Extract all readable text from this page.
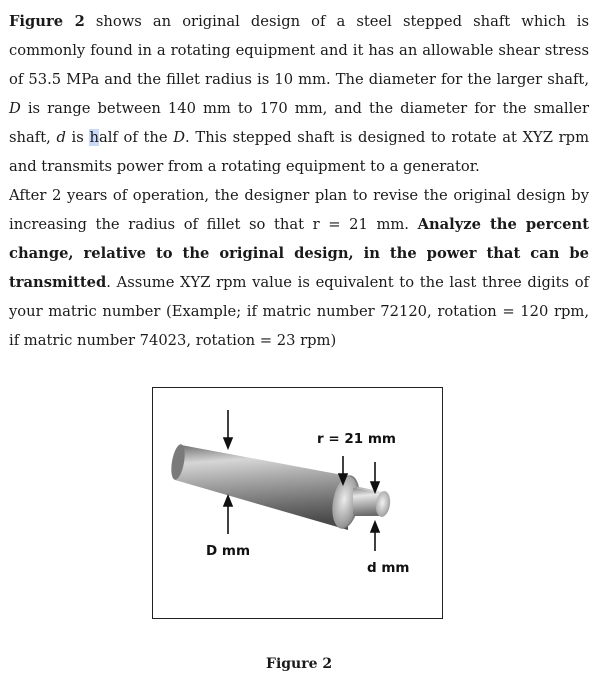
Figure 2 shows an original design of a steel stepped shaft which is commonly found in a rotating equipment and it has an allowable shear stress of 53.5 MPa and the fillet radius is 10 mm. The diameter for the larger shaft, D is range between 140 mm to 170 mm, and the diameter for the smaller shaft, d is half of the D. This stepped shaft is designed to rotate at XYZ rpm and transmits power from a rotating equipment to a generator.
After 2 years of operation, the designer plan to revise the original design by increasing the radius of fillet so that r = 21 mm. Analyze the percent change, relative to the original design, in the power that can be transmitted. Assume XYZ rpm value is equivalent to the last three digits of your matric number (Example; if matric number 72120, rotation = 120 rpm, if matric number 74023, rotation = 23 rpm)
r = 21 mm
D mm
d mm
Figure 2
